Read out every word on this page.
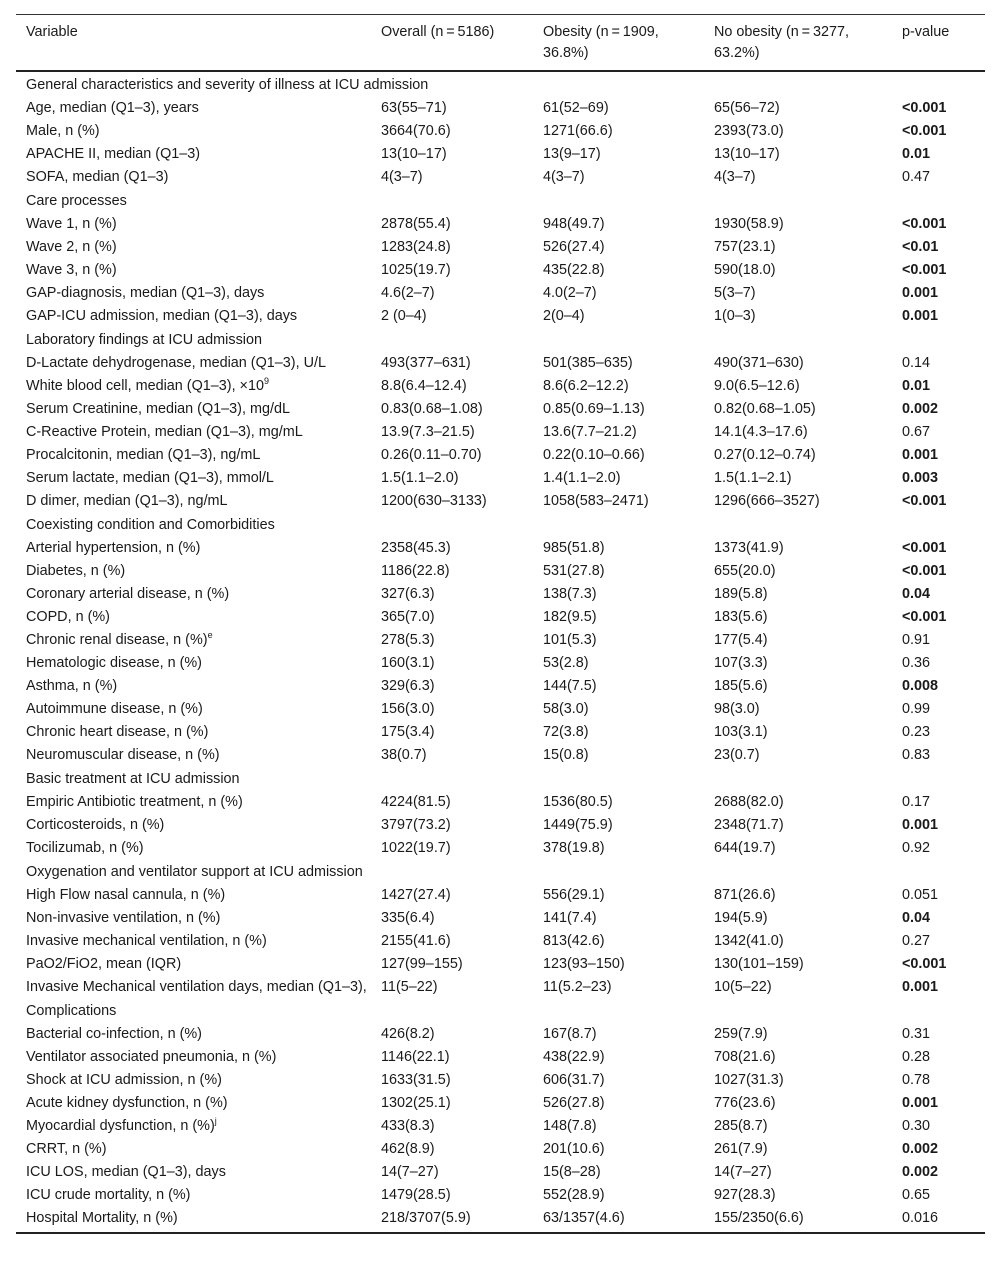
Variable	Overall (n = 5186)	Obesity (n = 1909, 36.8%)	No obesity (n = 3277, 63.2%)	p-value
General characteristics and severity of illness at ICU admission				
Age, median (Q1–3), years	63(55–71)	61(52–69)	65(56–72)	<0.001
Male, n (%)	3664(70.6)	1271(66.6)	2393(73.0)	<0.001
APACHE II, median (Q1–3)	13(10–17)	13(9–17)	13(10–17)	0.01
SOFA, median (Q1–3)	4(3–7)	4(3–7)	4(3–7)	0.47
Care processes				
Wave 1, n (%)	2878(55.4)	948(49.7)	1930(58.9)	<0.001
Wave 2, n (%)	1283(24.8)	526(27.4)	757(23.1)	<0.01
Wave 3, n (%)	1025(19.7)	435(22.8)	590(18.0)	<0.001
GAP-diagnosis, median (Q1–3), days	4.6(2–7)	4.0(2–7)	5(3–7)	0.001
GAP-ICU admission, median (Q1–3), days	2 (0–4)	2(0–4)	1(0–3)	0.001
Laboratory findings at ICU admission				
D-Lactate dehydrogenase, median (Q1–3), U/L	493(377–631)	501(385–635)	490(371–630)	0.14
White blood cell, median (Q1–3), $\times 10^9$	8.8(6.4–12.4)	8.6(6.2–12.2)	9.0(6.5–12.6)	0.01
Serum Creatinine, median (Q1–3), mg/dL	0.83(0.68–1.08)	0.85(0.69–1.13)	0.82(0.68–1.05)	0.002
C-Reactive Protein, median (Q1–3), mg/mL	13.9(7.3–21.5)	13.6(7.7–21.2)	14.1(4.3–17.6)	0.67
Procalcitonin, median (Q1–3), ng/mL	0.26(0.11–0.70)	0.22(0.10–0.66)	0.27(0.12–0.74)	0.001
Serum lactate, median (Q1–3), mmol/L	1.5(1.1–2.0)	1.4(1.1–2.0)	1.5(1.1–2.1)	0.003
D dimer, median (Q1–3), ng/mL	1200(630–3133)	1058(583–2471)	1296(666–3527)	<0.001
Coexisting condition and Comorbidities				
Arterial hypertension, n (%)	2358(45.3)	985(51.8)	1373(41.9)	<0.001
Diabetes, n (%)	1186(22.8)	531(27.8)	655(20.0)	<0.001
Coronary arterial disease, n (%)	327(6.3)	138(7.3)	189(5.8)	0.04
COPD, n (%)	365(7.0)	182(9.5)	183(5.6)	<0.001
Chronic renal disease, n (%)$^e$	278(5.3)	101(5.3)	177(5.4)	0.91
Hematologic disease, n (%)	160(3.1)	53(2.8)	107(3.3)	0.36
Asthma, n (%)	329(6.3)	144(7.5)	185(5.6)	0.008
Autoimmune disease, n (%)	156(3.0)	58(3.0)	98(3.0)	0.99
Chronic heart disease, n (%)	175(3.4)	72(3.8)	103(3.1)	0.23
Neuromuscular disease, n (%)	38(0.7)	15(0.8)	23(0.7)	0.83
Basic treatment at ICU admission				
Empiric Antibiotic treatment, n (%)	4224(81.5)	1536(80.5)	2688(82.0)	0.17
Corticosteroids, n (%)	3797(73.2)	1449(75.9)	2348(71.7)	0.001
Tocilizumab, n (%)	1022(19.7)	378(19.8)	644(19.7)	0.92
Oxygenation and ventilator support at ICU admission				
High Flow nasal cannula, n (%)	1427(27.4)	556(29.1)	871(26.6)	0.051
Non-invasive ventilation, n (%)	335(6.4)	141(7.4)	194(5.9)	0.04
Invasive mechanical ventilation, n (%)	2155(41.6)	813(42.6)	1342(41.0)	0.27
PaO2/FiO2, mean (IQR)	127(99–155)	123(93–150)	130(101–159)	<0.001
Invasive Mechanical ventilation days, median (Q1–3),	11(5–22)	11(5.2–23)	10(5–22)	0.001
Complications				
Bacterial co-infection, n (%)	426(8.2)	167(8.7)	259(7.9)	0.31
Ventilator associated pneumonia, n (%)	1146(22.1)	438(22.9)	708(21.6)	0.28
Shock at ICU admission, n (%)	1633(31.5)	606(31.7)	1027(31.3)	0.78
Acute kidney dysfunction, n (%)	1302(25.1)	526(27.8)	776(23.6)	0.001
Myocardial dysfunction, n (%)$^j$	433(8.3)	148(7.8)	285(8.7)	0.30
CRRT, n (%)	462(8.9)	201(10.6)	261(7.9)	0.002
ICU LOS, median (Q1–3), days	14(7–27)	15(8–28)	14(7–27)	0.002
ICU crude mortality, n (%)	1479(28.5)	552(28.9)	927(28.3)	0.65
Hospital Mortality, n (%)	218/3707(5.9)	63/1357(4.6)	155/2350(6.6)	0.016
